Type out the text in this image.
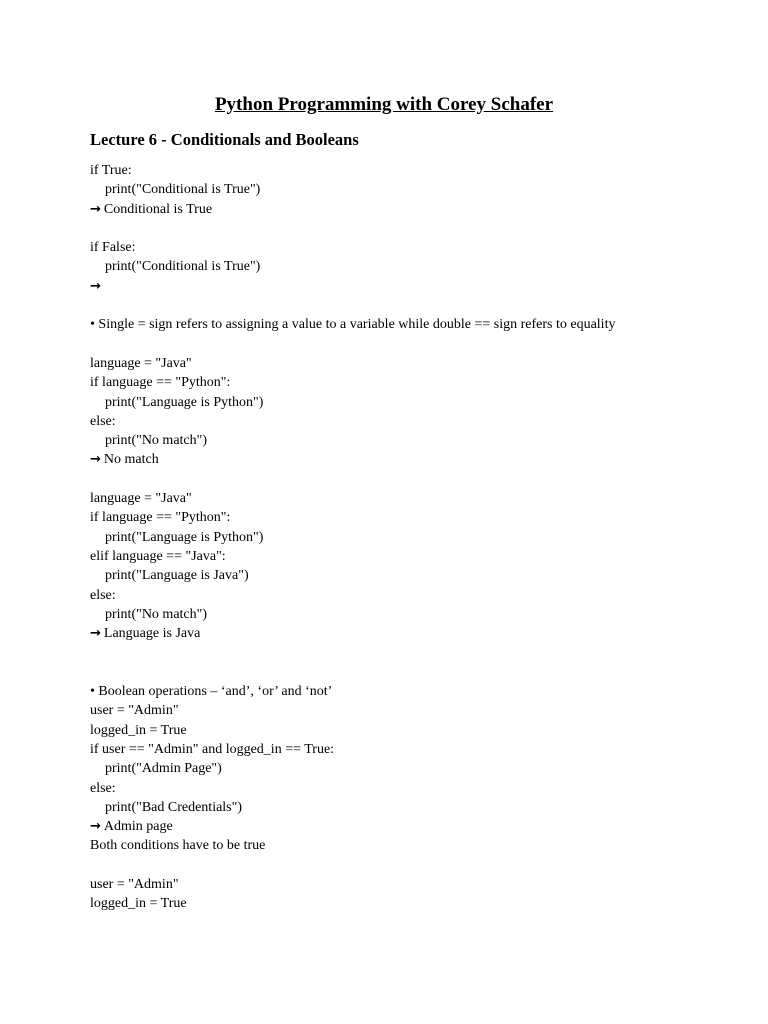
Python Programming with Corey Schafer
Lecture 6 - Conditionals and Booleans
if True:
print("Conditional is True")
→ Conditional is True
if False:
print("Conditional is True")
→
• Single = sign refers to assigning a value to a variable while double == sign refers to equality
language = "Java"
if language == "Python":
print("Language is Python")
else:
print("No match")
→ No match
language = "Java"
if language == "Python":
print("Language is Python")
elif language == "Java":
print("Language is Java")
else:
print("No match")
→ Language is Java
• Boolean operations – ‘and’, ‘or’ and ‘not’
user = "Admin"
logged_in = True
if user == "Admin" and logged_in == True:
print("Admin Page")
else:
print("Bad Credentials")
→ Admin page
Both conditions have to be true
user = "Admin"
logged_in = True
